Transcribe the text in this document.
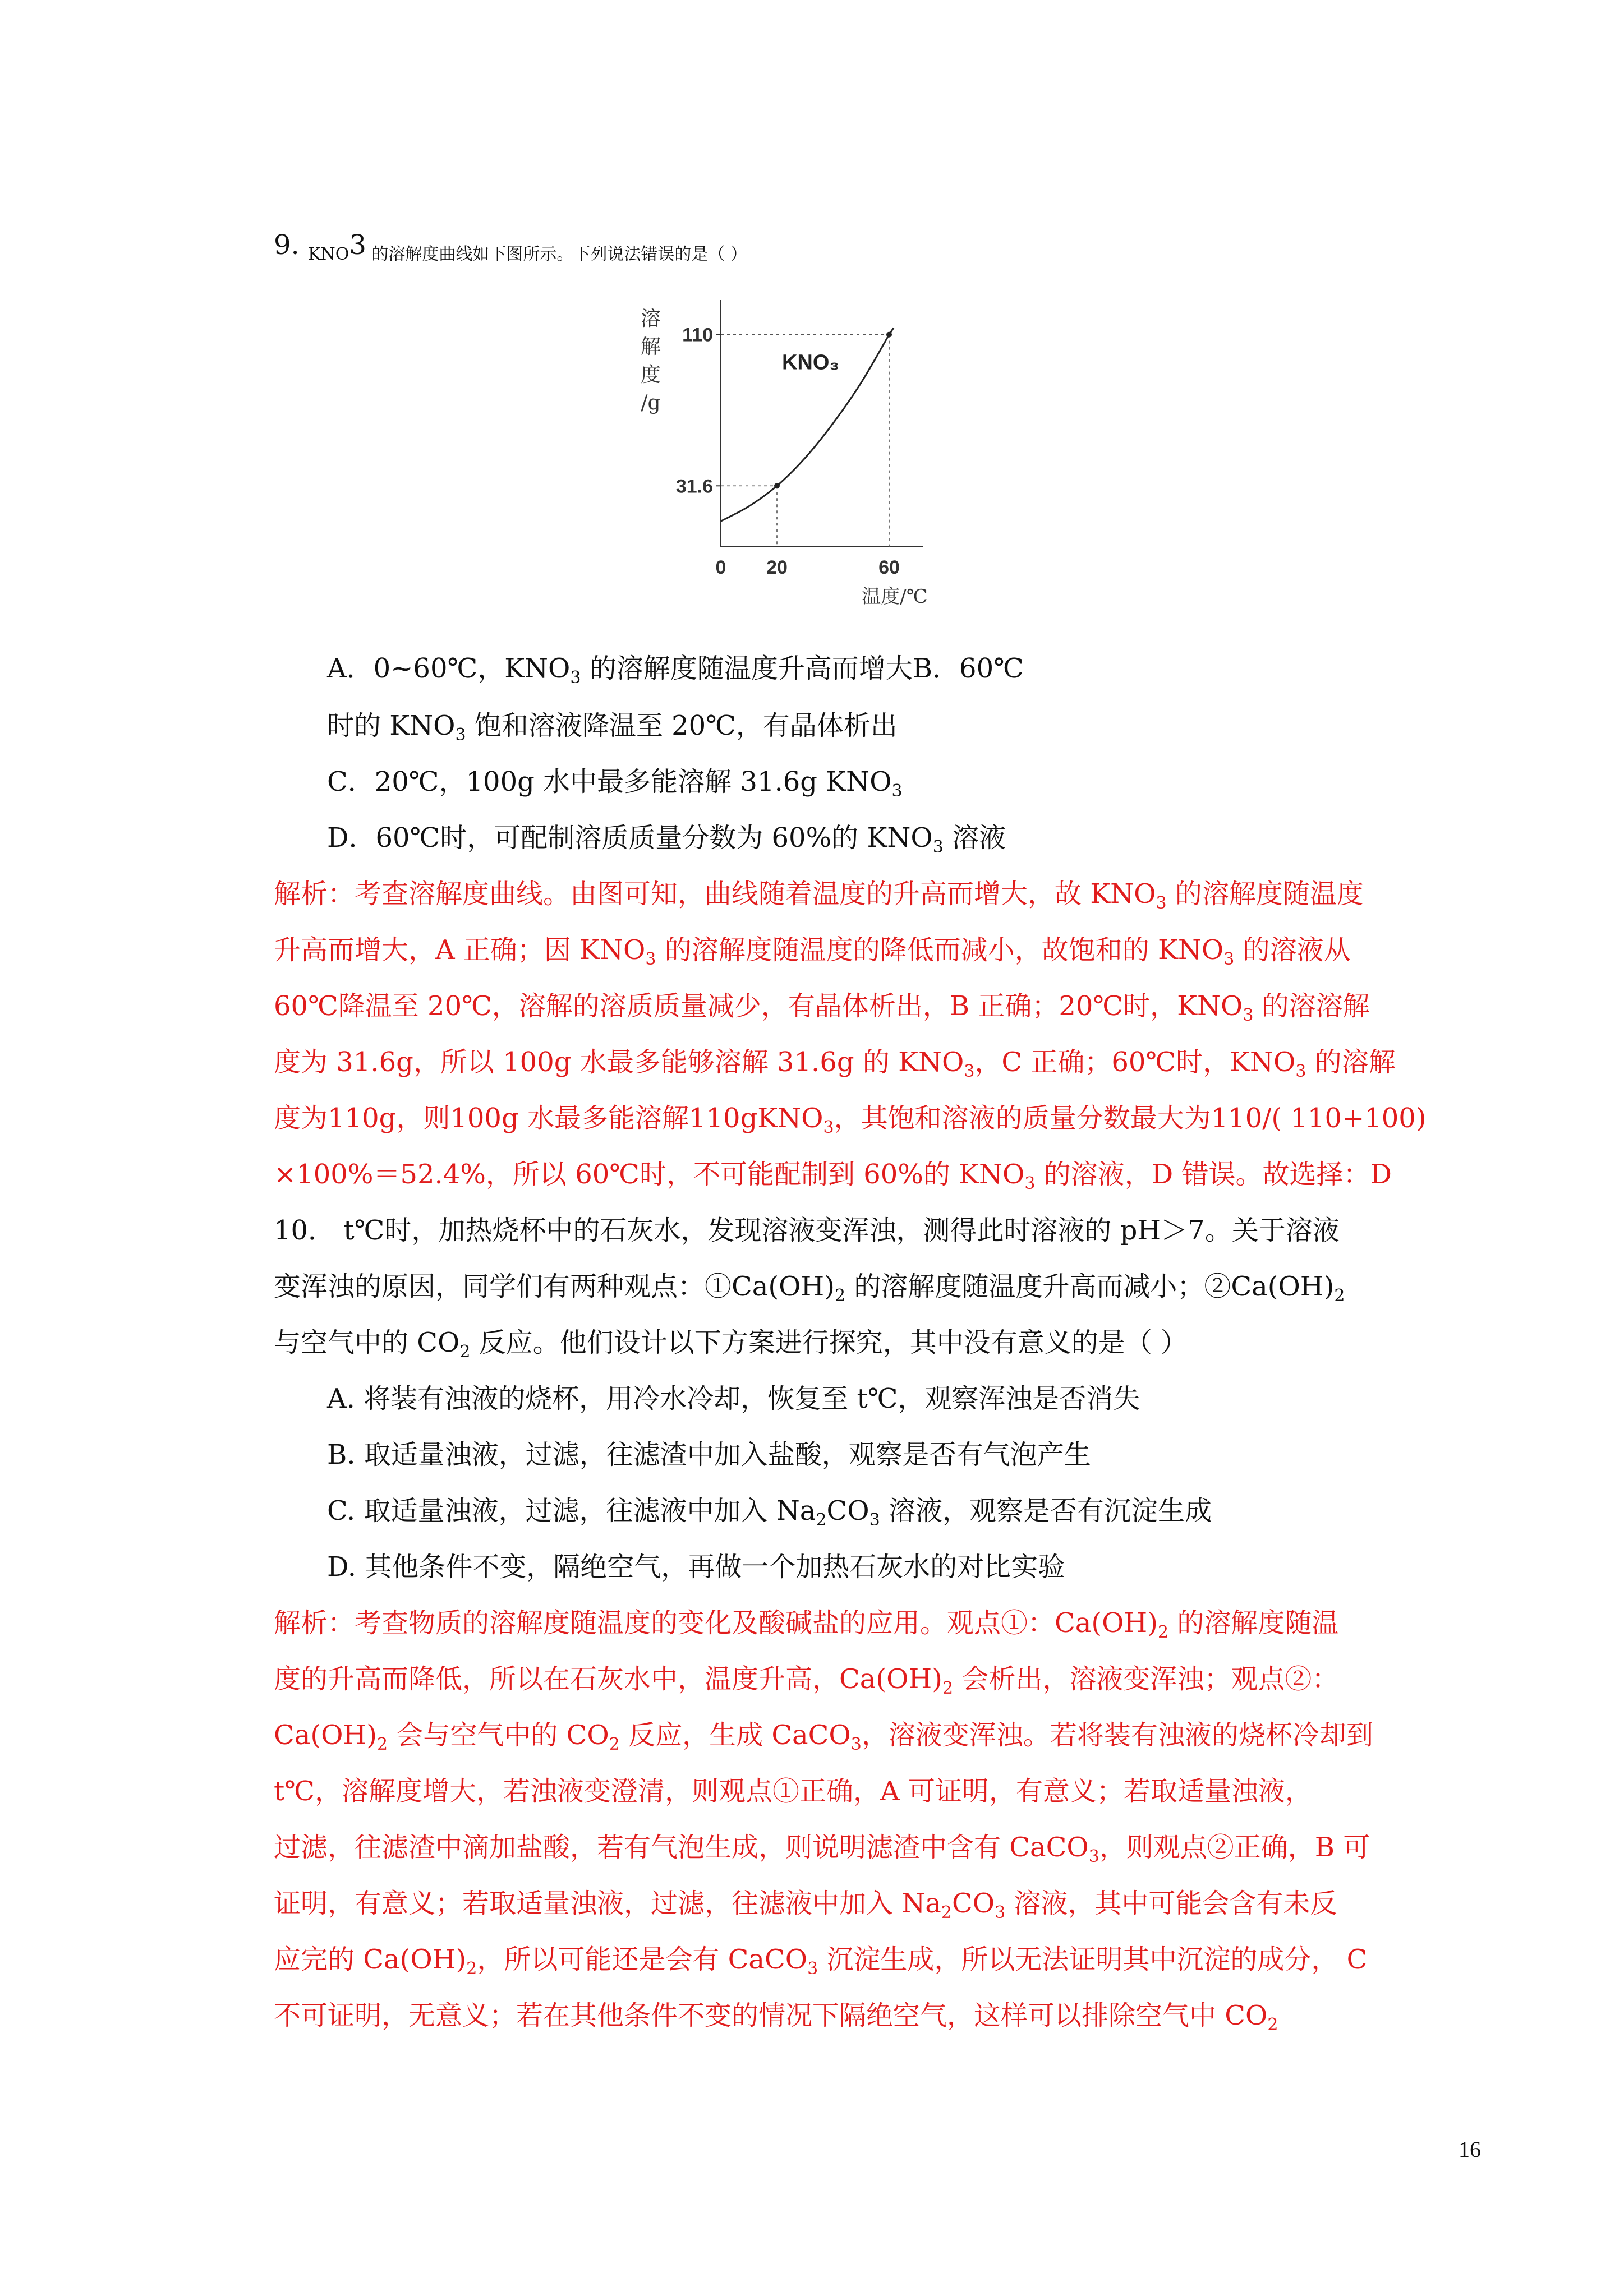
9. $_{KNO}$3 $_{的溶解度曲线如下图所示。下列说法错误的是( )}$
溶
解
度
/g
0 20	60
31.6
110
温度/℃
KNO₃
A．0~60℃，$KNO_3$ 的溶解度随温度升高而增大B．60℃
时的 $KNO_3$ 饱和溶液降温至 20℃，有晶体析出
C．20℃，100g 水中最多能溶解 31.6g $KNO_3$
D．60℃时，可配制溶质质量分数为 60%的 $KNO_3$ 溶液
解析：考查溶解度曲线。由图可知，曲线随着温度的升高而增大，故 $KNO_3$ 的溶解度随温度
升高而增大，A 正确；因 $KNO_3$ 的溶解度随温度的降低而减小，故饱和的 $KNO_3$ 的溶液从
60℃降温至 20℃，溶解的溶质质量减少，有晶体析出，B 正确；20℃时，$KNO_3$ 的溶溶解
度为 31.6g，所以 100g 水最多能够溶解 31.6g 的 $KNO_3$，C 正确；60℃时，$KNO_3$ 的溶解
度为110g，则100g 水最多能溶解110gKNO$_3$，其饱和溶液的质量分数最大为110/( 110+100)
×100%＝52.4%，所以 60℃时，不可能配制到 60%的 $KNO_3$ 的溶液，D 错误。故选择：D
10． t℃时，加热烧杯中的石灰水，发现溶液变浑浊，测得此时溶液的 pH＞7。关于溶液
变浑浊的原因，同学们有两种观点：$①Ca(OH)_2$ 的溶解度随温度升高而减小；$②Ca(OH)_2$
与空气中的 $CO_2$ 反应。他们设计以下方案进行探究，其中没有意义的是（ ）
A. 将装有浊液的烧杯，用冷水冷却，恢复至 t℃，观察浑浊是否消失
B. 取适量浊液，过滤，往滤渣中加入盐酸，观察是否有气泡产生
C. 取适量浊液，过滤，往滤液中加入 $Na_2CO_3$ 溶液，观察是否有沉淀生成
D. 其他条件不变，隔绝空气，再做一个加热石灰水的对比实验
解析：考查物质的溶解度随温度的变化及酸碱盐的应用。观点①：$Ca(OH)_2$ 的溶解度随温
度的升高而降低，所以在石灰水中，温度升高，$Ca(OH)_2$ 会析出，溶液变浑浊；观点②：
$Ca(OH)_2$ 会与空气中的 $CO_2$ 反应，生成 CaCO$_3$，溶液变浑浊。若将装有浊液的烧杯冷却到
t℃，溶解度增大，若浊液变澄清，则观点①正确，A 可证明，有意义；若取适量浊液，
过滤，往滤渣中滴加盐酸，若有气泡生成，则说明滤渣中含有 CaCO$_3$，则观点②正确，B 可
证明，有意义；若取适量浊液，过滤，往滤液中加入 $Na_2CO_3$ 溶液，其中可能会含有未反
应完的 $Ca(OH)_2$，所以可能还是会有 CaCO$_3$ 沉淀生成，所以无法证明其中沉淀的成分， C
不可证明，无意义；若在其他条件不变的情况下隔绝空气，这样可以排除空气中 $CO_2$
16
